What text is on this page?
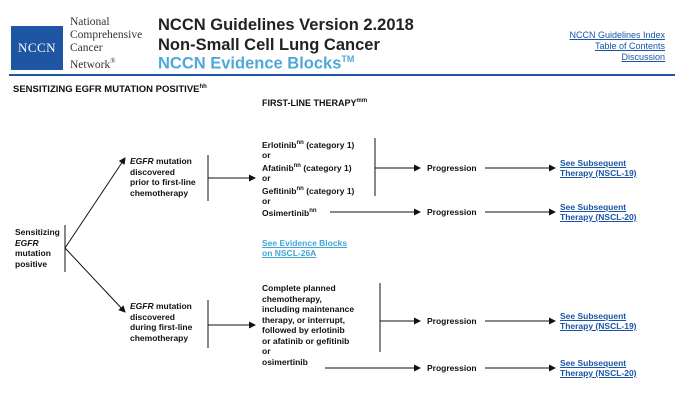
NCCN
National
Comprehensive
Cancer
Network®
NCCN Guidelines Version 2.2018
Non-Small Cell Lung Cancer
NCCN Evidence Blocks™
NCCN Guidelines Index
Table of Contents
Discussion
SENSITIZING EGFR MUTATION $POSITIVE^{hh}$
FIRST-LINE $THERAPY^{mm}$
Sensitizing
EGFR
mutation
positive
EGFR mutation
discovered
prior to first-line
chemotherapy
EGFR mutation
discovered
during first-line
chemotherapy
Erlotinib$^{nn}$ (category 1)
or
Afatinib$^{nn}$ (category 1)
or
Gefitinib$^{nn}$ (category 1)
or
Osimertinib$^{nn}$
See Evidence Blocks
on NSCL-26A
Complete planned
chemotherapy,
including maintenance
therapy, or interrupt,
followed by erlotinib
or afatinib or gefitinib
or
osimertinib
Progression
Progression
Progression
Progression
See Subsequent
Therapy (NSCL-19)
See Subsequent
Therapy (NSCL-20)
See Subsequent
Therapy (NSCL-19)
See Subsequent
Therapy (NSCL-20)
